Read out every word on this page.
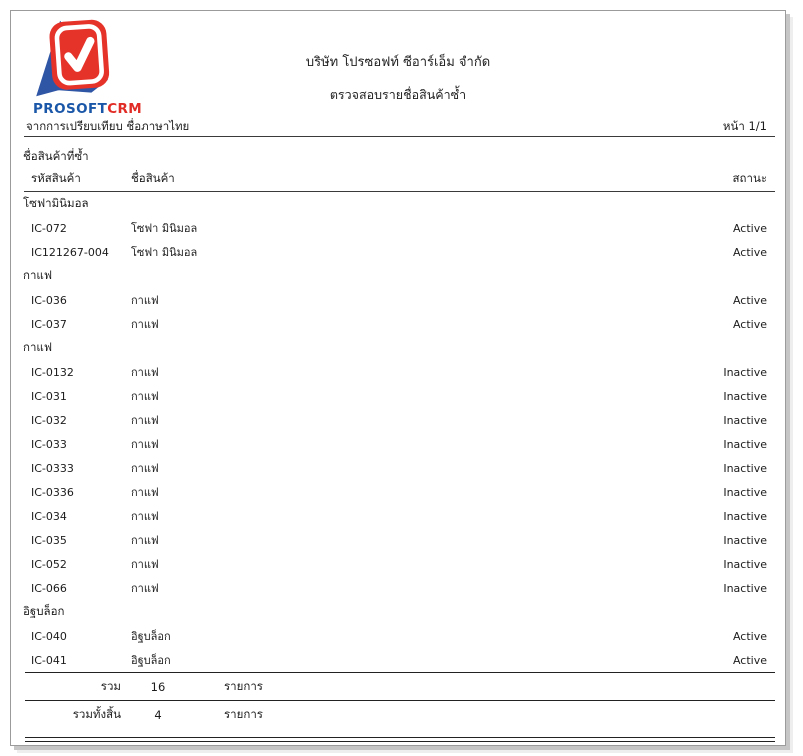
PROSOFTCRM
บริษัท โปรซอฟท์ ซีอาร์เอ็ม จำกัด
ตรวจสอบรายชื่อสินค้าซ้ำ
จากการเปรียบเทียบ ชื่อภาษาไทย	หน้า 1/1
ชื่อสินค้าที่ซ้ำ
รหัสสินค้า	ชื่อสินค้า	สถานะ
โซฟามินิมอล
IC-072	โซฟา มินิมอล	Active
IC121267-004	โซฟา มินิมอล	Active
กาแฟ
IC-036	กาแฟ	Active
IC-037	กาแฟ	Active
กาแฟ
IC-0132	กาแฟ	Inactive
IC-031	กาแฟ	Inactive
IC-032	กาแฟ	Inactive
IC-033	กาแฟ	Inactive
IC-0333	กาแฟ	Inactive
IC-0336	กาแฟ	Inactive
IC-034	กาแฟ	Inactive
IC-035	กาแฟ	Inactive
IC-052	กาแฟ	Inactive
IC-066	กาแฟ	Inactive
อิฐบล็อก
IC-040	อิฐบล็อก	Active
IC-041	อิฐบล็อก	Active
รวม	16	รายการ
รวมทั้งสิ้น	4	รายการ
